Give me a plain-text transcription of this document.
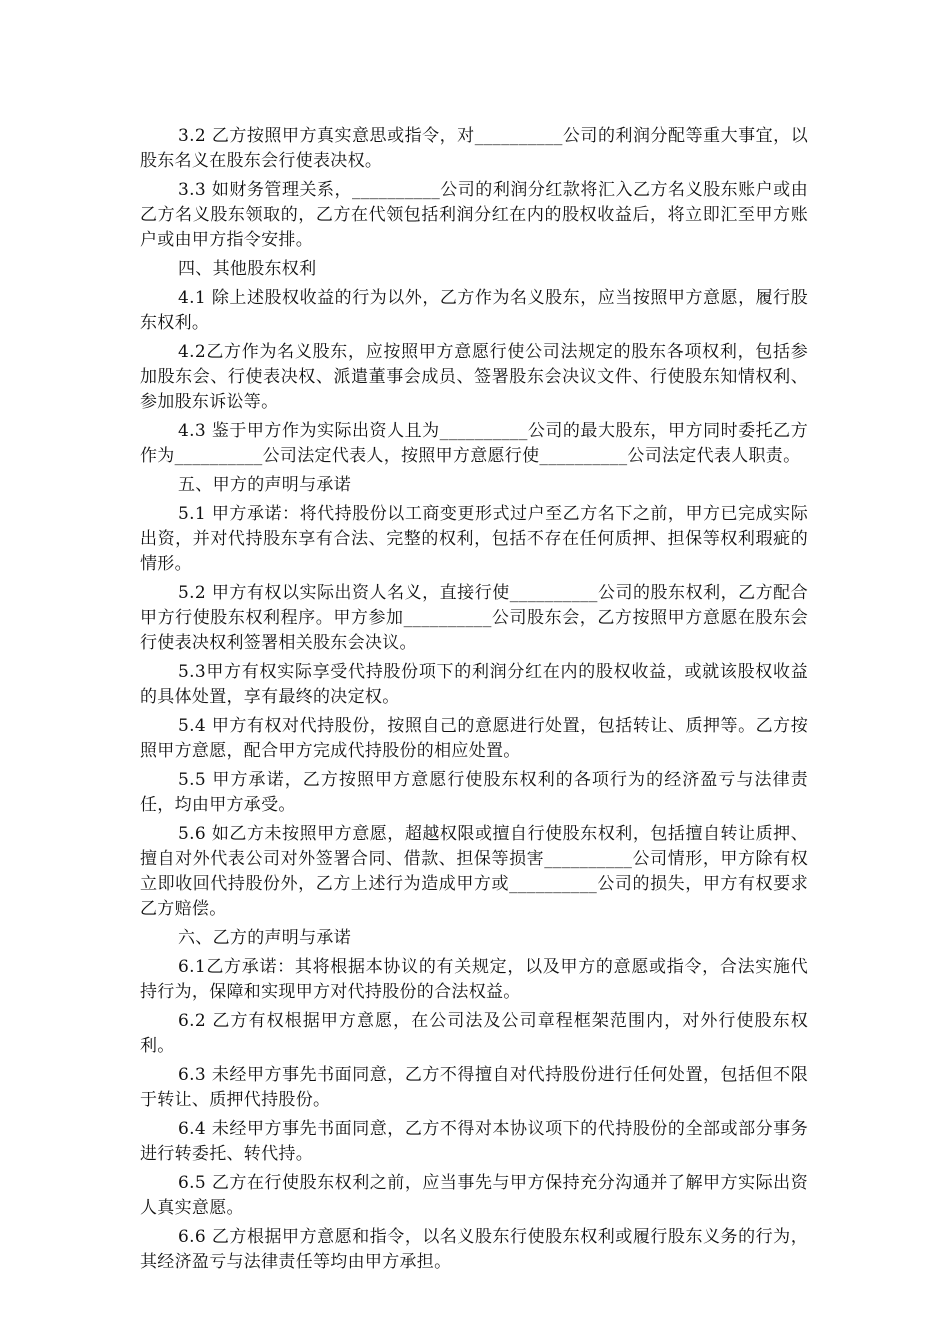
3.2 乙方按照甲方真实意思或指令，对__________公司的利润分配等重大事宜，以股东名义在股东会行使表决权。

3.3 如财务管理关系，__________公司的利润分红款将汇入乙方名义股东账户或由乙方名义股东领取的，乙方在代领包括利润分红在内的股权收益后，将立即汇至甲方账户或由甲方指令安排。

四、其他股东权利

4.1 除上述股权收益的行为以外，乙方作为名义股东，应当按照甲方意愿，履行股东权利。

4.2乙方作为名义股东，应按照甲方意愿行使公司法规定的股东各项权利，包括参加股东会、行使表决权、派遣董事会成员、签署股东会决议文件、行使股东知情权利、参加股东诉讼等。

4.3 鉴于甲方作为实际出资人且为__________公司的最大股东，甲方同时委托乙方作为__________公司法定代表人，按照甲方意愿行使__________公司法定代表人职责。

五、甲方的声明与承诺

5.1 甲方承诺：将代持股份以工商变更形式过户至乙方名下之前，甲方已完成实际出资，并对代持股东享有合法、完整的权利，包括不存在任何质押、担保等权利瑕疵的情形。

5.2 甲方有权以实际出资人名义，直接行使__________公司的股东权利，乙方配合甲方行使股东权利程序。甲方参加__________公司股东会，乙方按照甲方意愿在股东会行使表决权利签署相关股东会决议。

5.3甲方有权实际享受代持股份项下的利润分红在内的股权收益，或就该股权收益的具体处置，享有最终的决定权。

5.4 甲方有权对代持股份，按照自己的意愿进行处置，包括转让、质押等。乙方按照甲方意愿，配合甲方完成代持股份的相应处置。

5.5 甲方承诺，乙方按照甲方意愿行使股东权利的各项行为的经济盈亏与法律责任，均由甲方承受。

5.6 如乙方未按照甲方意愿，超越权限或擅自行使股东权利，包括擅自转让质押、擅自对外代表公司对外签署合同、借款、担保等损害__________公司情形，甲方除有权立即收回代持股份外，乙方上述行为造成甲方或__________公司的损失，甲方有权要求乙方赔偿。

六、乙方的声明与承诺

6.1乙方承诺：其将根据本协议的有关规定，以及甲方的意愿或指令，合法实施代持行为，保障和实现甲方对代持股份的合法权益。

6.2 乙方有权根据甲方意愿，在公司法及公司章程框架范围内，对外行使股东权利。

6.3 未经甲方事先书面同意，乙方不得擅自对代持股份进行任何处置，包括但不限于转让、质押代持股份。

6.4 未经甲方事先书面同意，乙方不得对本协议项下的代持股份的全部或部分事务进行转委托、转代持。

6.5 乙方在行使股东权利之前，应当事先与甲方保持充分沟通并了解甲方实际出资人真实意愿。

6.6 乙方根据甲方意愿和指令，以名义股东行使股东权利或履行股东义务的行为，其经济盈亏与法律责任等均由甲方承担。
